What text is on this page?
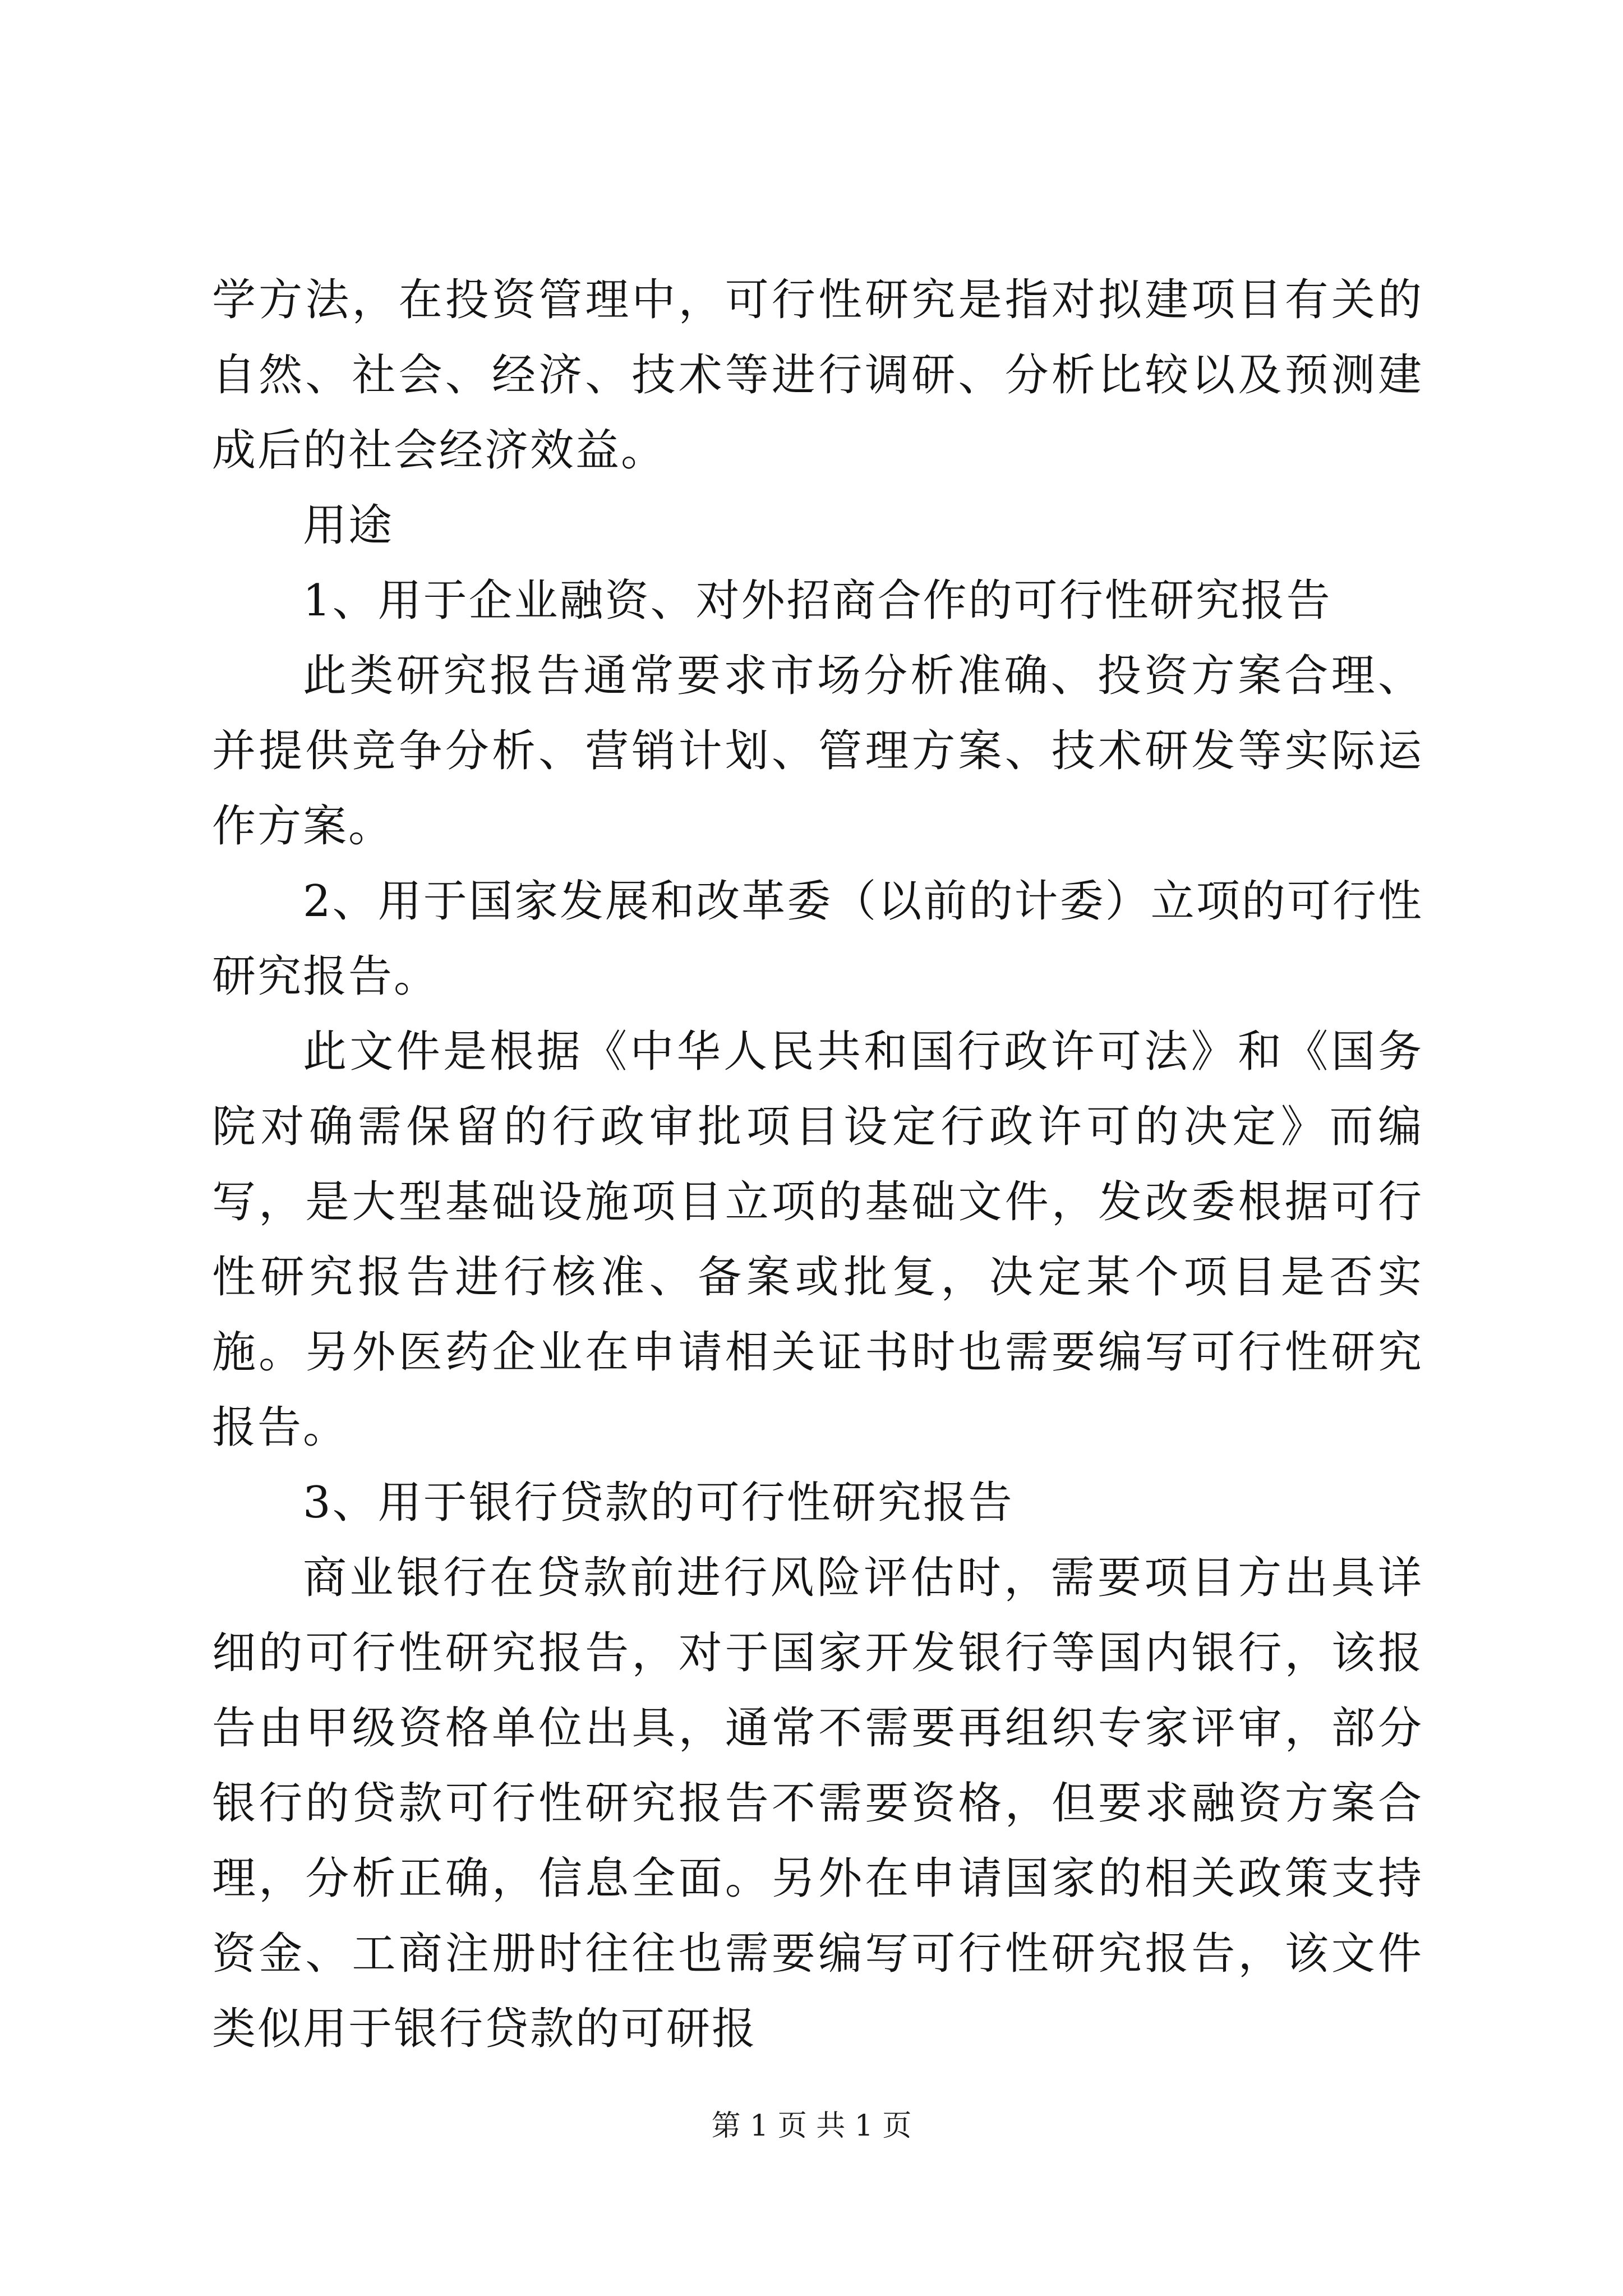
学方法，在投资管理中，可行性研究是指对拟建项目有关的自然、社会、经济、技术等进行调研、分析比较以及预测建成后的社会经济效益。

用途

1、用于企业融资、对外招商合作的可行性研究报告

此类研究报告通常要求市场分析准确、投资方案合理、并提供竞争分析、营销计划、管理方案、技术研发等实际运作方案。

2、用于国家发展和改革委（以前的计委）立项的可行性研究报告。

此文件是根据《中华人民共和国行政许可法》和《国务院对确需保留的行政审批项目设定行政许可的决定》而编写，是大型基础设施项目立项的基础文件，发改委根据可行性研究报告进行核准、备案或批复，决定某个项目是否实施。另外医药企业在申请相关证书时也需要编写可行性研究报告。

3、用于银行贷款的可行性研究报告

商业银行在贷款前进行风险评估时，需要项目方出具详细的可行性研究报告，对于国家开发银行等国内银行，该报告由甲级资格单位出具，通常不需要再组织专家评审，部分银行的贷款可行性研究报告不需要资格，但要求融资方案合理，分析正确，信息全面。另外在申请国家的相关政策支持资金、工商注册时往往也需要编写可行性研究报告，该文件类似用于银行贷款的可研报

第 1 页 共 1 页
